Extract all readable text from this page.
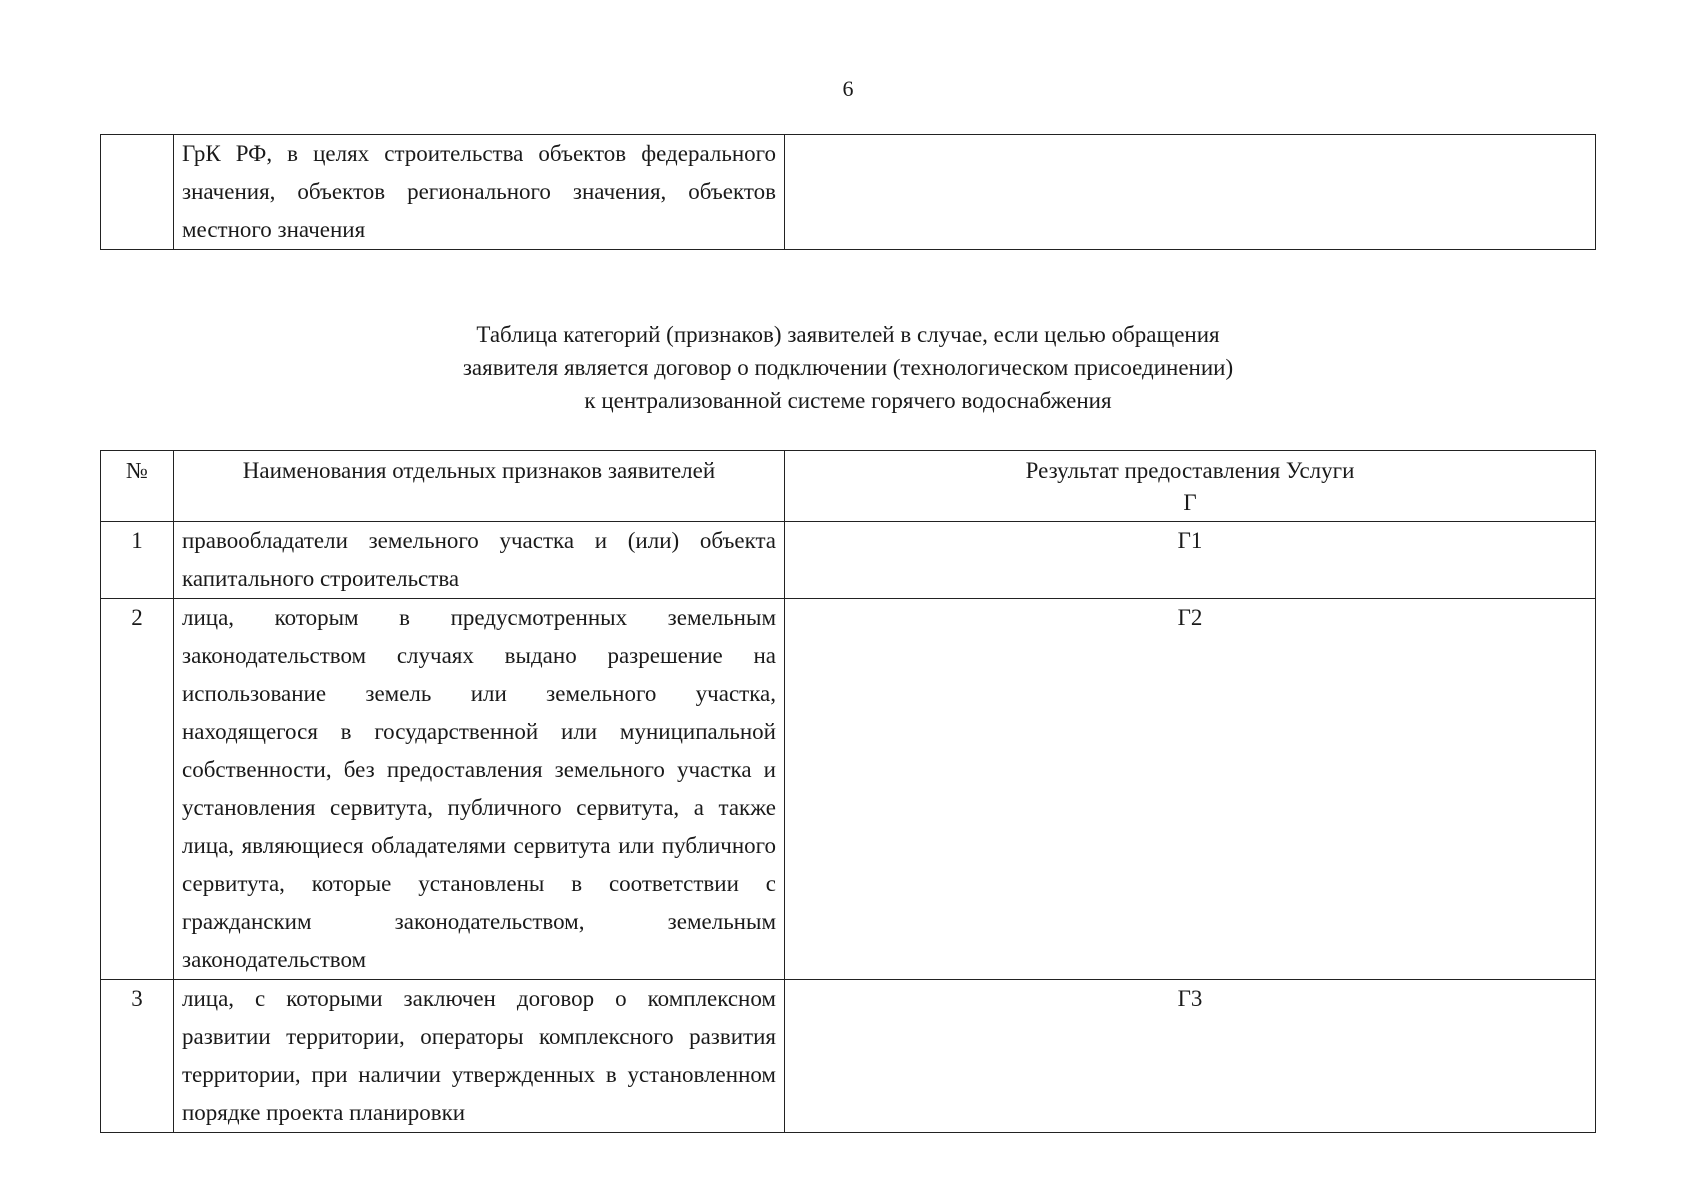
6
	ГрК РФ, в целях строительства объектов федерального значения, объектов регионального значения, объектов местного значения	
Таблица категорий (признаков) заявителей в случае, если целью обращения
заявителя является договор о подключении (технологическом присоединении)
к централизованной системе горячего водоснабжения
№	Наименования отдельных признаков заявителей	Результат предоставления Услуги
Г

1	правообладатели земельного участка и (или) объекта капитального строительства	Г1
2	лица, которым в предусмотренных земельным законодательством случаях выдано разрешение на использование земель или земельного участка, находящегося в государственной или муниципальной собственности, без предоставления земельного участка и установления сервитута, публичного сервитута, а также лица, являющиеся обладателями сервитута или публичного сервитута, которые установлены в соответствии с гражданским законодательством, земельным законодательством	Г2
3	лица, с которыми заключен договор о комплексном развитии территории, операторы комплексного развития территории, при наличии утвержденных в установленном порядке проекта планировки	Г3
